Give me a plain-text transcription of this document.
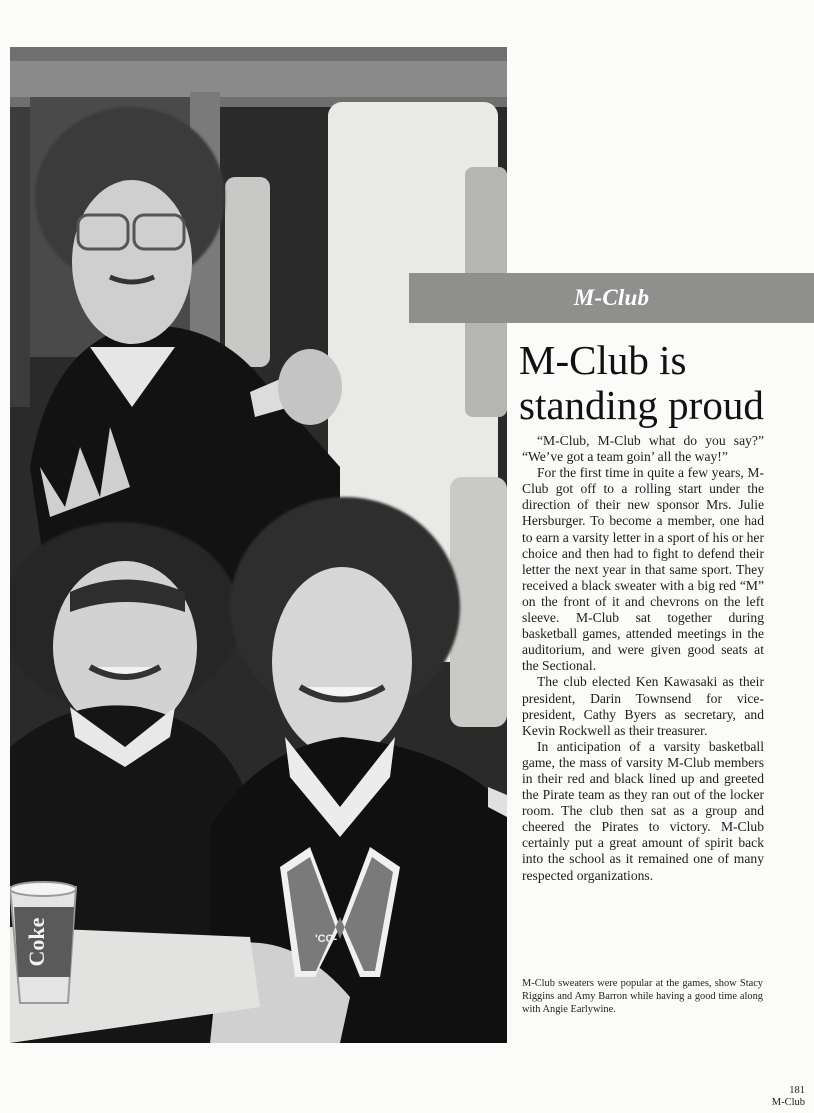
'CC-
Coke
M-Club
M-Club is standing proud

“M-Club, M-Club what do you say?” “We’ve got a team goin’ all the way!”

For the first time in quite a few years, M-Club got off to a rolling start under the direction of their new sponsor Mrs. Julie Hersburger. To become a member, one had to earn a varsity letter in a sport of his or her choice and then had to fight to defend their letter the next year in that same sport. They received a black sweater with a big red “M” on the front of it and chevrons on the left sleeve. M-Club sat together during basketball games, attended meetings in the auditorium, and were given good seats at the Sectional.

The club elected Ken Kawasaki as their president, Darin Townsend for vice-president, Cathy Byers as secretary, and Kevin Rockwell as their treasurer.

In anticipation of a varsity basketball game, the mass of varsity M-Club members in their red and black lined up and greeted the Pirate team as they ran out of the locker room. The club then sat as a group and cheered the Pirates to victory. M-Club certainly put a great amount of spirit back into the school as it remained one of many respected organizations.

M-Club sweaters were popular at the games, show Stacy Riggins and Amy Barron while having a good time along with Angie Earlywine.
181
M-Club
